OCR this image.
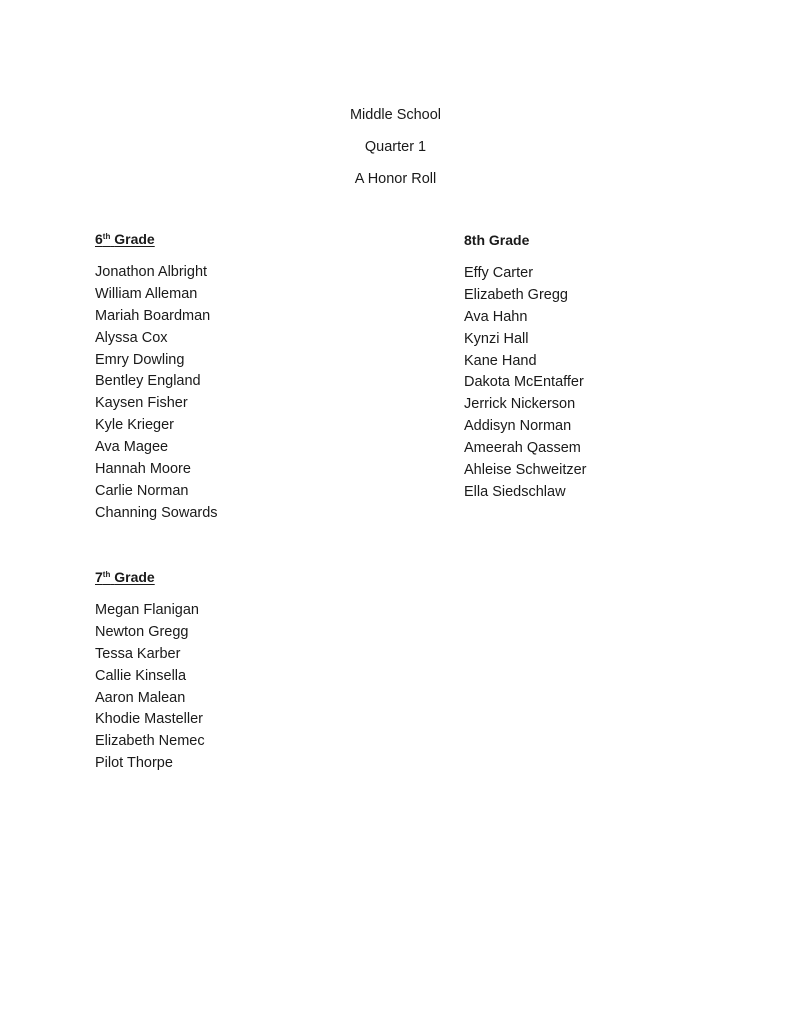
Middle School
Quarter 1
A Honor Roll
6th Grade
Jonathon Albright
William Alleman
Mariah Boardman
Alyssa Cox
Emry Dowling
Bentley England
Kaysen Fisher
Kyle Krieger
Ava Magee
Hannah Moore
Carlie Norman
Channing Sowards
8th Grade
Effy Carter
Elizabeth Gregg
Ava Hahn
Kynzi Hall
Kane Hand
Dakota McEntaffer
Jerrick Nickerson
Addisyn Norman
Ameerah Qassem
Ahleise Schweitzer
Ella Siedschlaw
7th Grade
Megan Flanigan
Newton Gregg
Tessa Karber
Callie Kinsella
Aaron Malean
Khodie Masteller
Elizabeth Nemec
Pilot Thorpe
